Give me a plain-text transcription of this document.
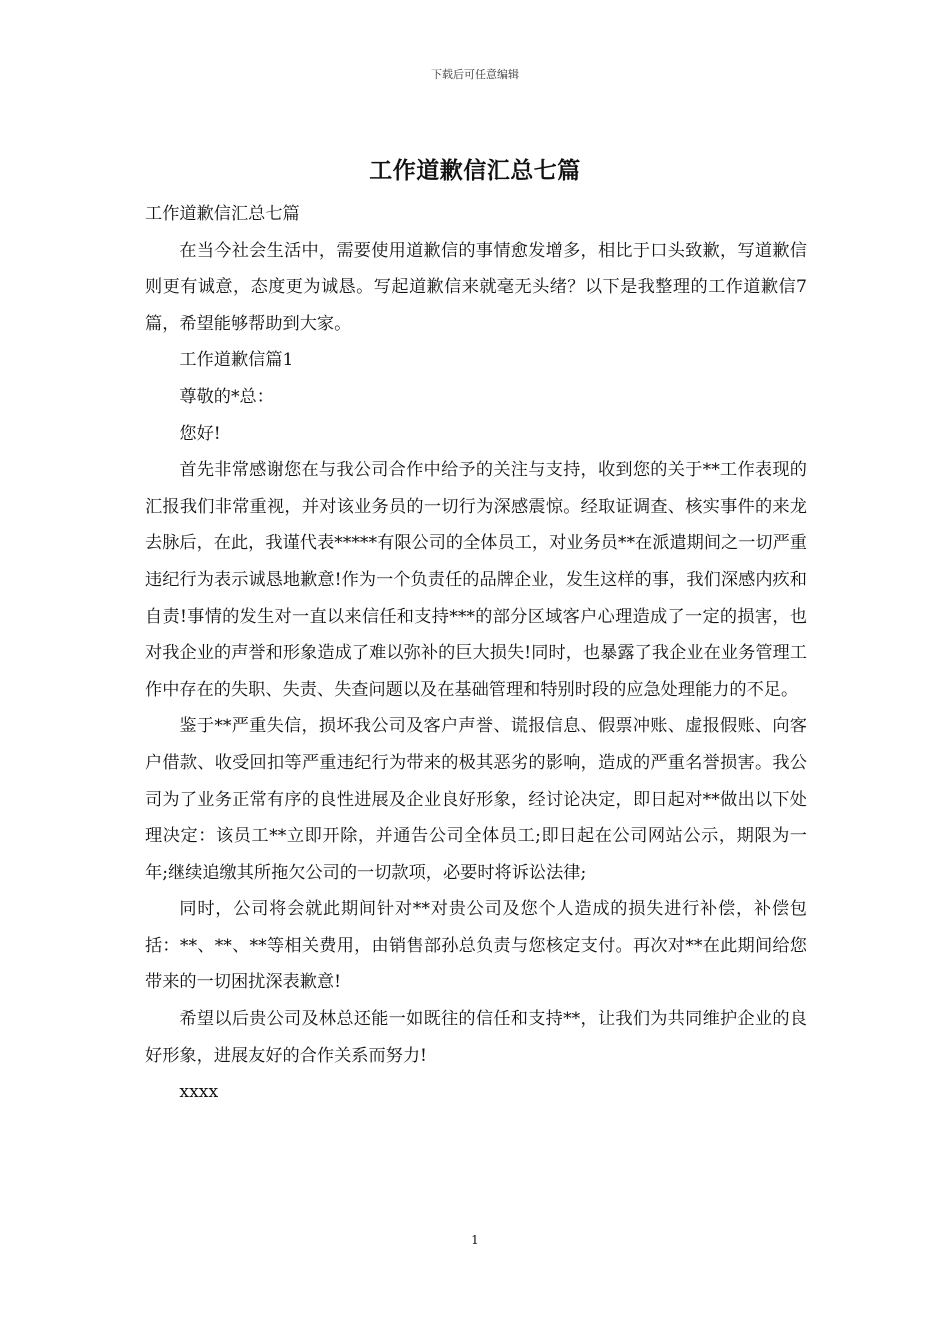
下载后可任意编辑
工作道歉信汇总七篇

工作道歉信汇总七篇

在当今社会生活中，需要使用道歉信的事情愈发增多，相比于口头致歉，写道歉信则更有诚意，态度更为诚恳。写起道歉信来就毫无头绪？以下是我整理的工作道歉信7篇，希望能够帮助到大家。

工作道歉信篇1

尊敬的*总：

您好!

首先非常感谢您在与我公司合作中给予的关注与支持，收到您的关于**工作表现的汇报我们非常重视，并对该业务员的一切行为深感震惊。经取证调查、核实事件的来龙去脉后，在此，我谨代表*****有限公司的全体员工，对业务员**在派遣期间之一切严重违纪行为表示诚恳地歉意!作为一个负责任的品牌企业，发生这样的事，我们深感内疚和自责!事情的发生对一直以来信任和支持***的部分区域客户心理造成了一定的损害，也对我企业的声誉和形象造成了难以弥补的巨大损失!同时，也暴露了我企业在业务管理工作中存在的失职、失责、失查问题以及在基础管理和特别时段的应急处理能力的不足。

鉴于**严重失信，损坏我公司及客户声誉、谎报信息、假票冲账、虚报假账、向客户借款、收受回扣等严重违纪行为带来的极其恶劣的影响，造成的严重名誉损害。我公司为了业务正常有序的良性进展及企业良好形象，经讨论决定，即日起对**做出以下处理决定：该员工**立即开除，并通告公司全体员工;即日起在公司网站公示，期限为一年;继续追缴其所拖欠公司的一切款项，必要时将诉讼法律;

同时，公司将会就此期间针对**对贵公司及您个人造成的损失进行补偿，补偿包括：**、**、**等相关费用，由销售部孙总负责与您核定支付。再次对**在此期间给您带来的一切困扰深表歉意!

希望以后贵公司及林总还能一如既往的信任和支持**，让我们为共同维护企业的良好形象，进展友好的合作关系而努力!

xxxx

1
